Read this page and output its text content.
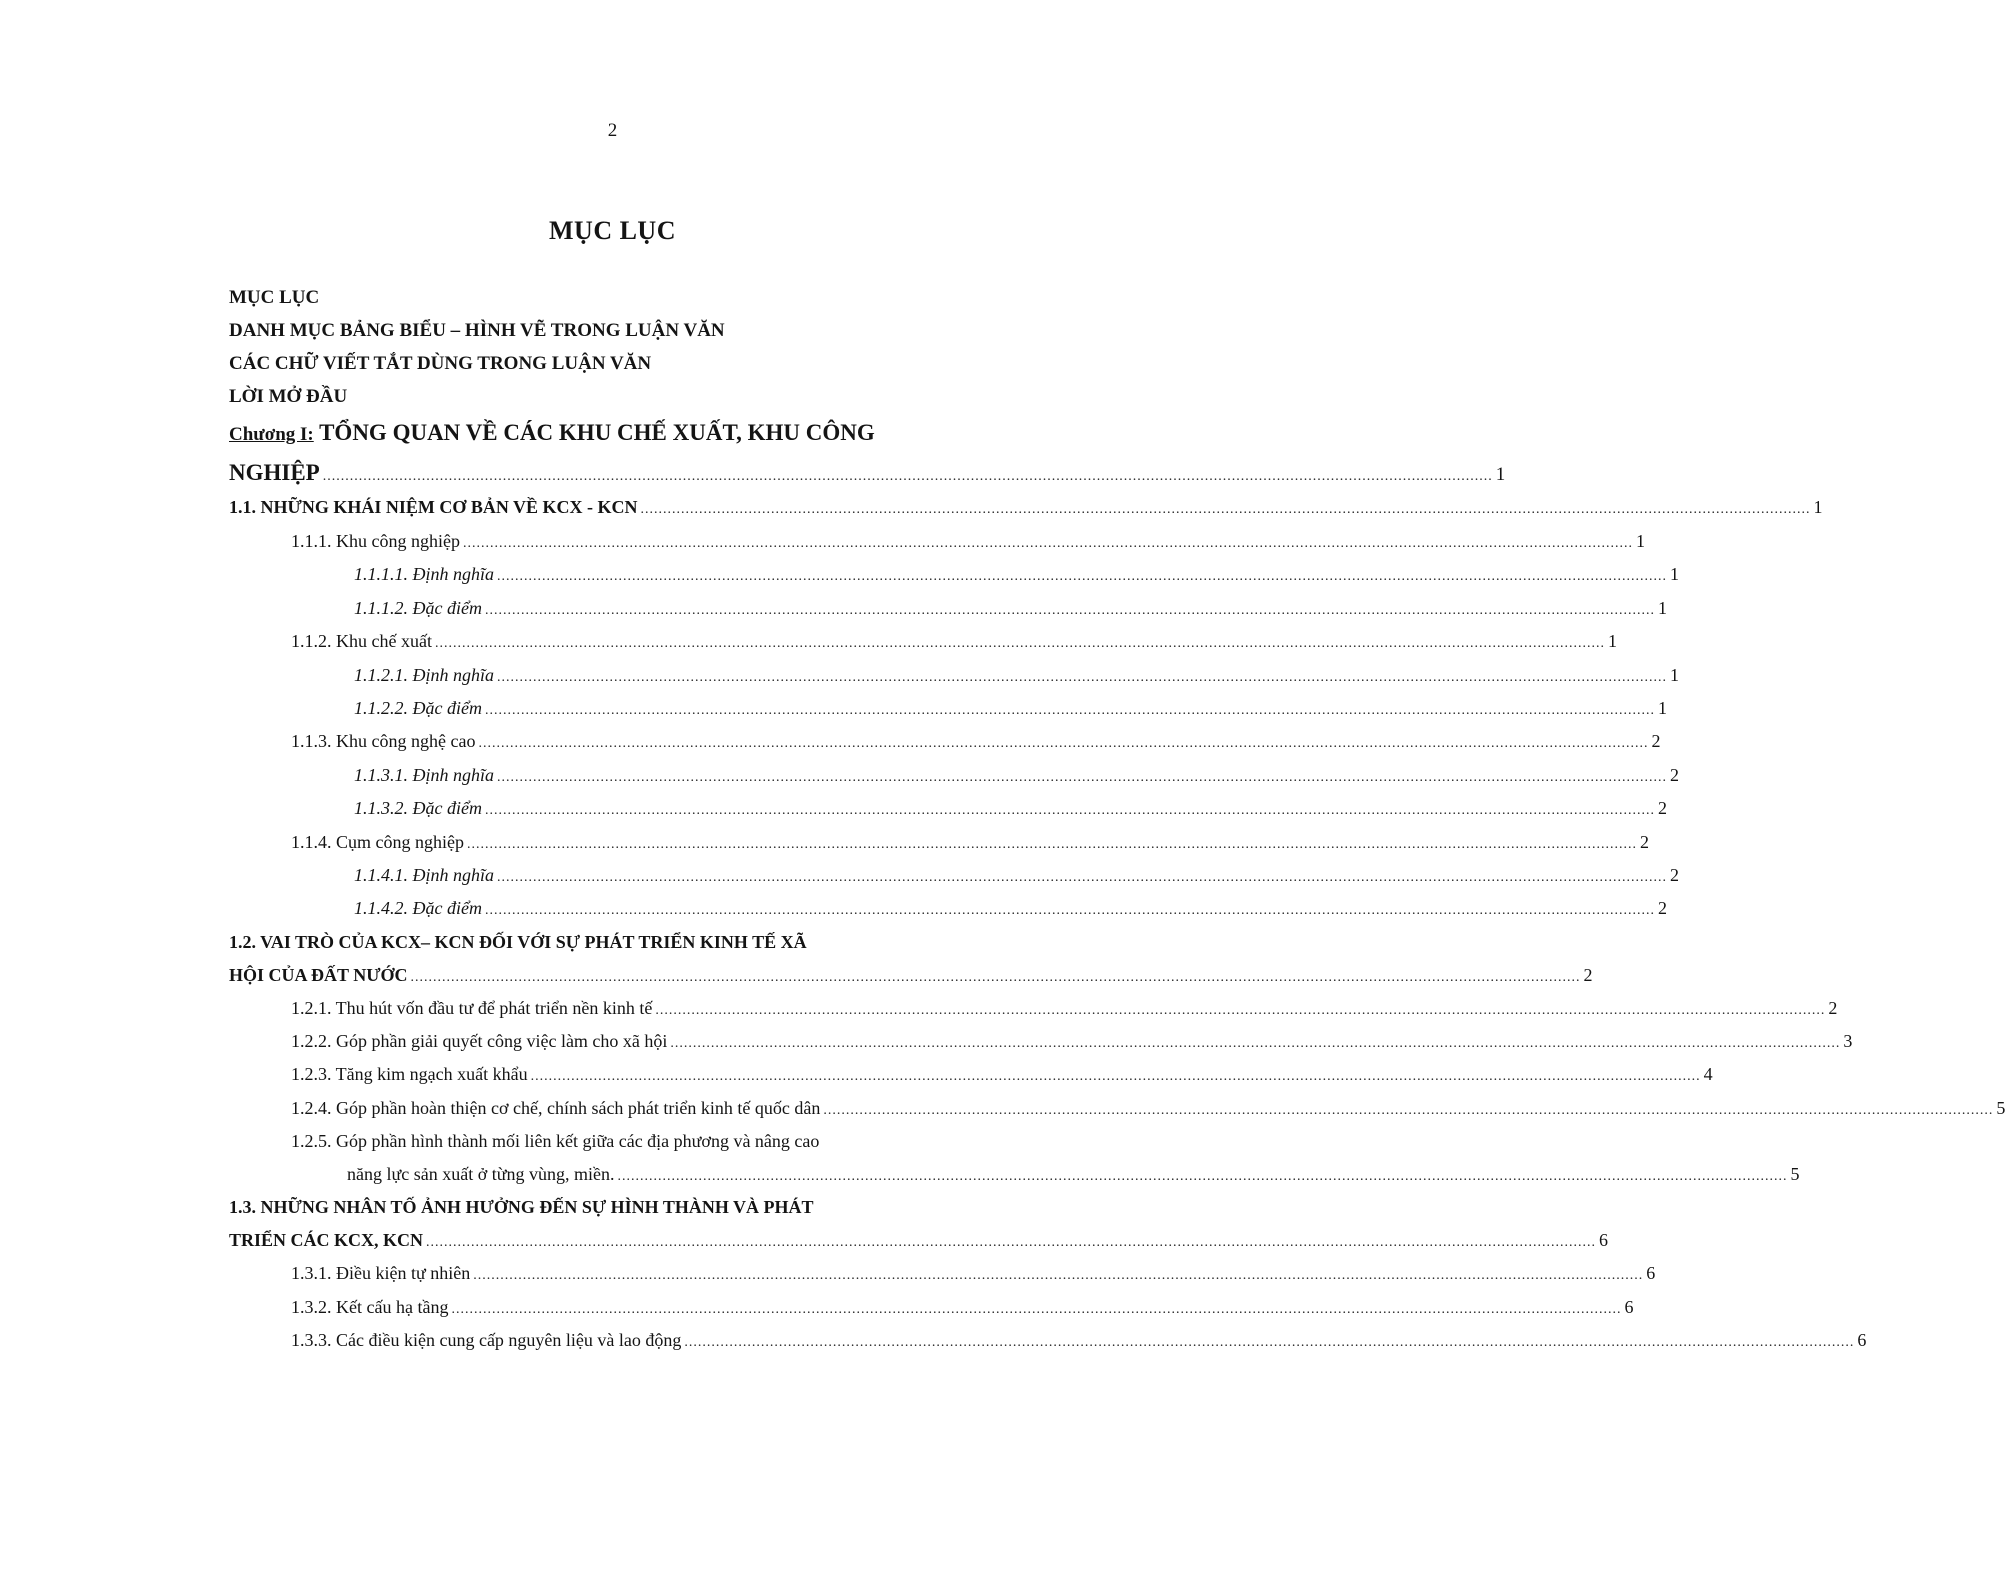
2
MỤC LỤC
MỤC LỤC
DANH MỤC BẢNG BIỂU – HÌNH VẼ TRONG LUẬN VĂN
CÁC CHỮ VIẾT TẮT DÙNG TRONG LUẬN VĂN
LỜI MỞ ĐẦU
Chương I: TỔNG QUAN VỀ CÁC KHU CHẾ XUẤT, KHU CÔNG
NGHIỆP .................................................................................................................................................................................................................................................................... 1
1.1. NHỮNG KHÁI NIỆM CƠ BẢN VỀ KCX - KCN .................................................................................................................................................................................................................................................................... 1
1.1.1. Khu công nghiệp .................................................................................................................................................................................................................................................................... 1
1.1.1.1. Định nghĩa .................................................................................................................................................................................................................................................................... 1
1.1.1.2. Đặc điểm .................................................................................................................................................................................................................................................................... 1
1.1.2. Khu chế xuất .................................................................................................................................................................................................................................................................... 1
1.1.2.1. Định nghĩa .................................................................................................................................................................................................................................................................... 1
1.1.2.2. Đặc điểm .................................................................................................................................................................................................................................................................... 1
1.1.3. Khu công nghệ cao .................................................................................................................................................................................................................................................................... 2
1.1.3.1. Định nghĩa .................................................................................................................................................................................................................................................................... 2
1.1.3.2. Đặc điểm .................................................................................................................................................................................................................................................................... 2
1.1.4. Cụm công nghiệp .................................................................................................................................................................................................................................................................... 2
1.1.4.1. Định nghĩa .................................................................................................................................................................................................................................................................... 2
1.1.4.2. Đặc điểm .................................................................................................................................................................................................................................................................... 2
1.2. VAI TRÒ CỦA KCX– KCN ĐỐI VỚI SỰ PHÁT TRIỂN KINH TẾ XÃ
HỘI CỦA ĐẤT NƯỚC .................................................................................................................................................................................................................................................................... 2
1.2.1. Thu hút vốn đầu tư để phát triển nền kinh tế .................................................................................................................................................................................................................................................................... 2
1.2.2. Góp phần giải quyết công việc làm cho xã hội .................................................................................................................................................................................................................................................................... 3
1.2.3. Tăng kim ngạch xuất khẩu .................................................................................................................................................................................................................................................................... 4
1.2.4. Góp phần hoàn thiện cơ chế, chính sách phát triển kinh tế quốc dân .................................................................................................................................................................................................................................................................... 5
1.2.5. Góp phần hình thành mối liên kết giữa các địa phương và nâng cao
năng lực sản xuất ở từng vùng, miền. .................................................................................................................................................................................................................................................................... 5
1.3. NHỮNG NHÂN TỐ ẢNH HƯỞNG ĐẾN SỰ HÌNH THÀNH VÀ PHÁT
TRIỂN CÁC KCX, KCN .................................................................................................................................................................................................................................................................... 6
1.3.1. Điều kiện tự nhiên .................................................................................................................................................................................................................................................................... 6
1.3.2. Kết cấu hạ tầng .................................................................................................................................................................................................................................................................... 6
1.3.3. Các điều kiện cung cấp nguyên liệu và lao động .................................................................................................................................................................................................................................................................... 6
